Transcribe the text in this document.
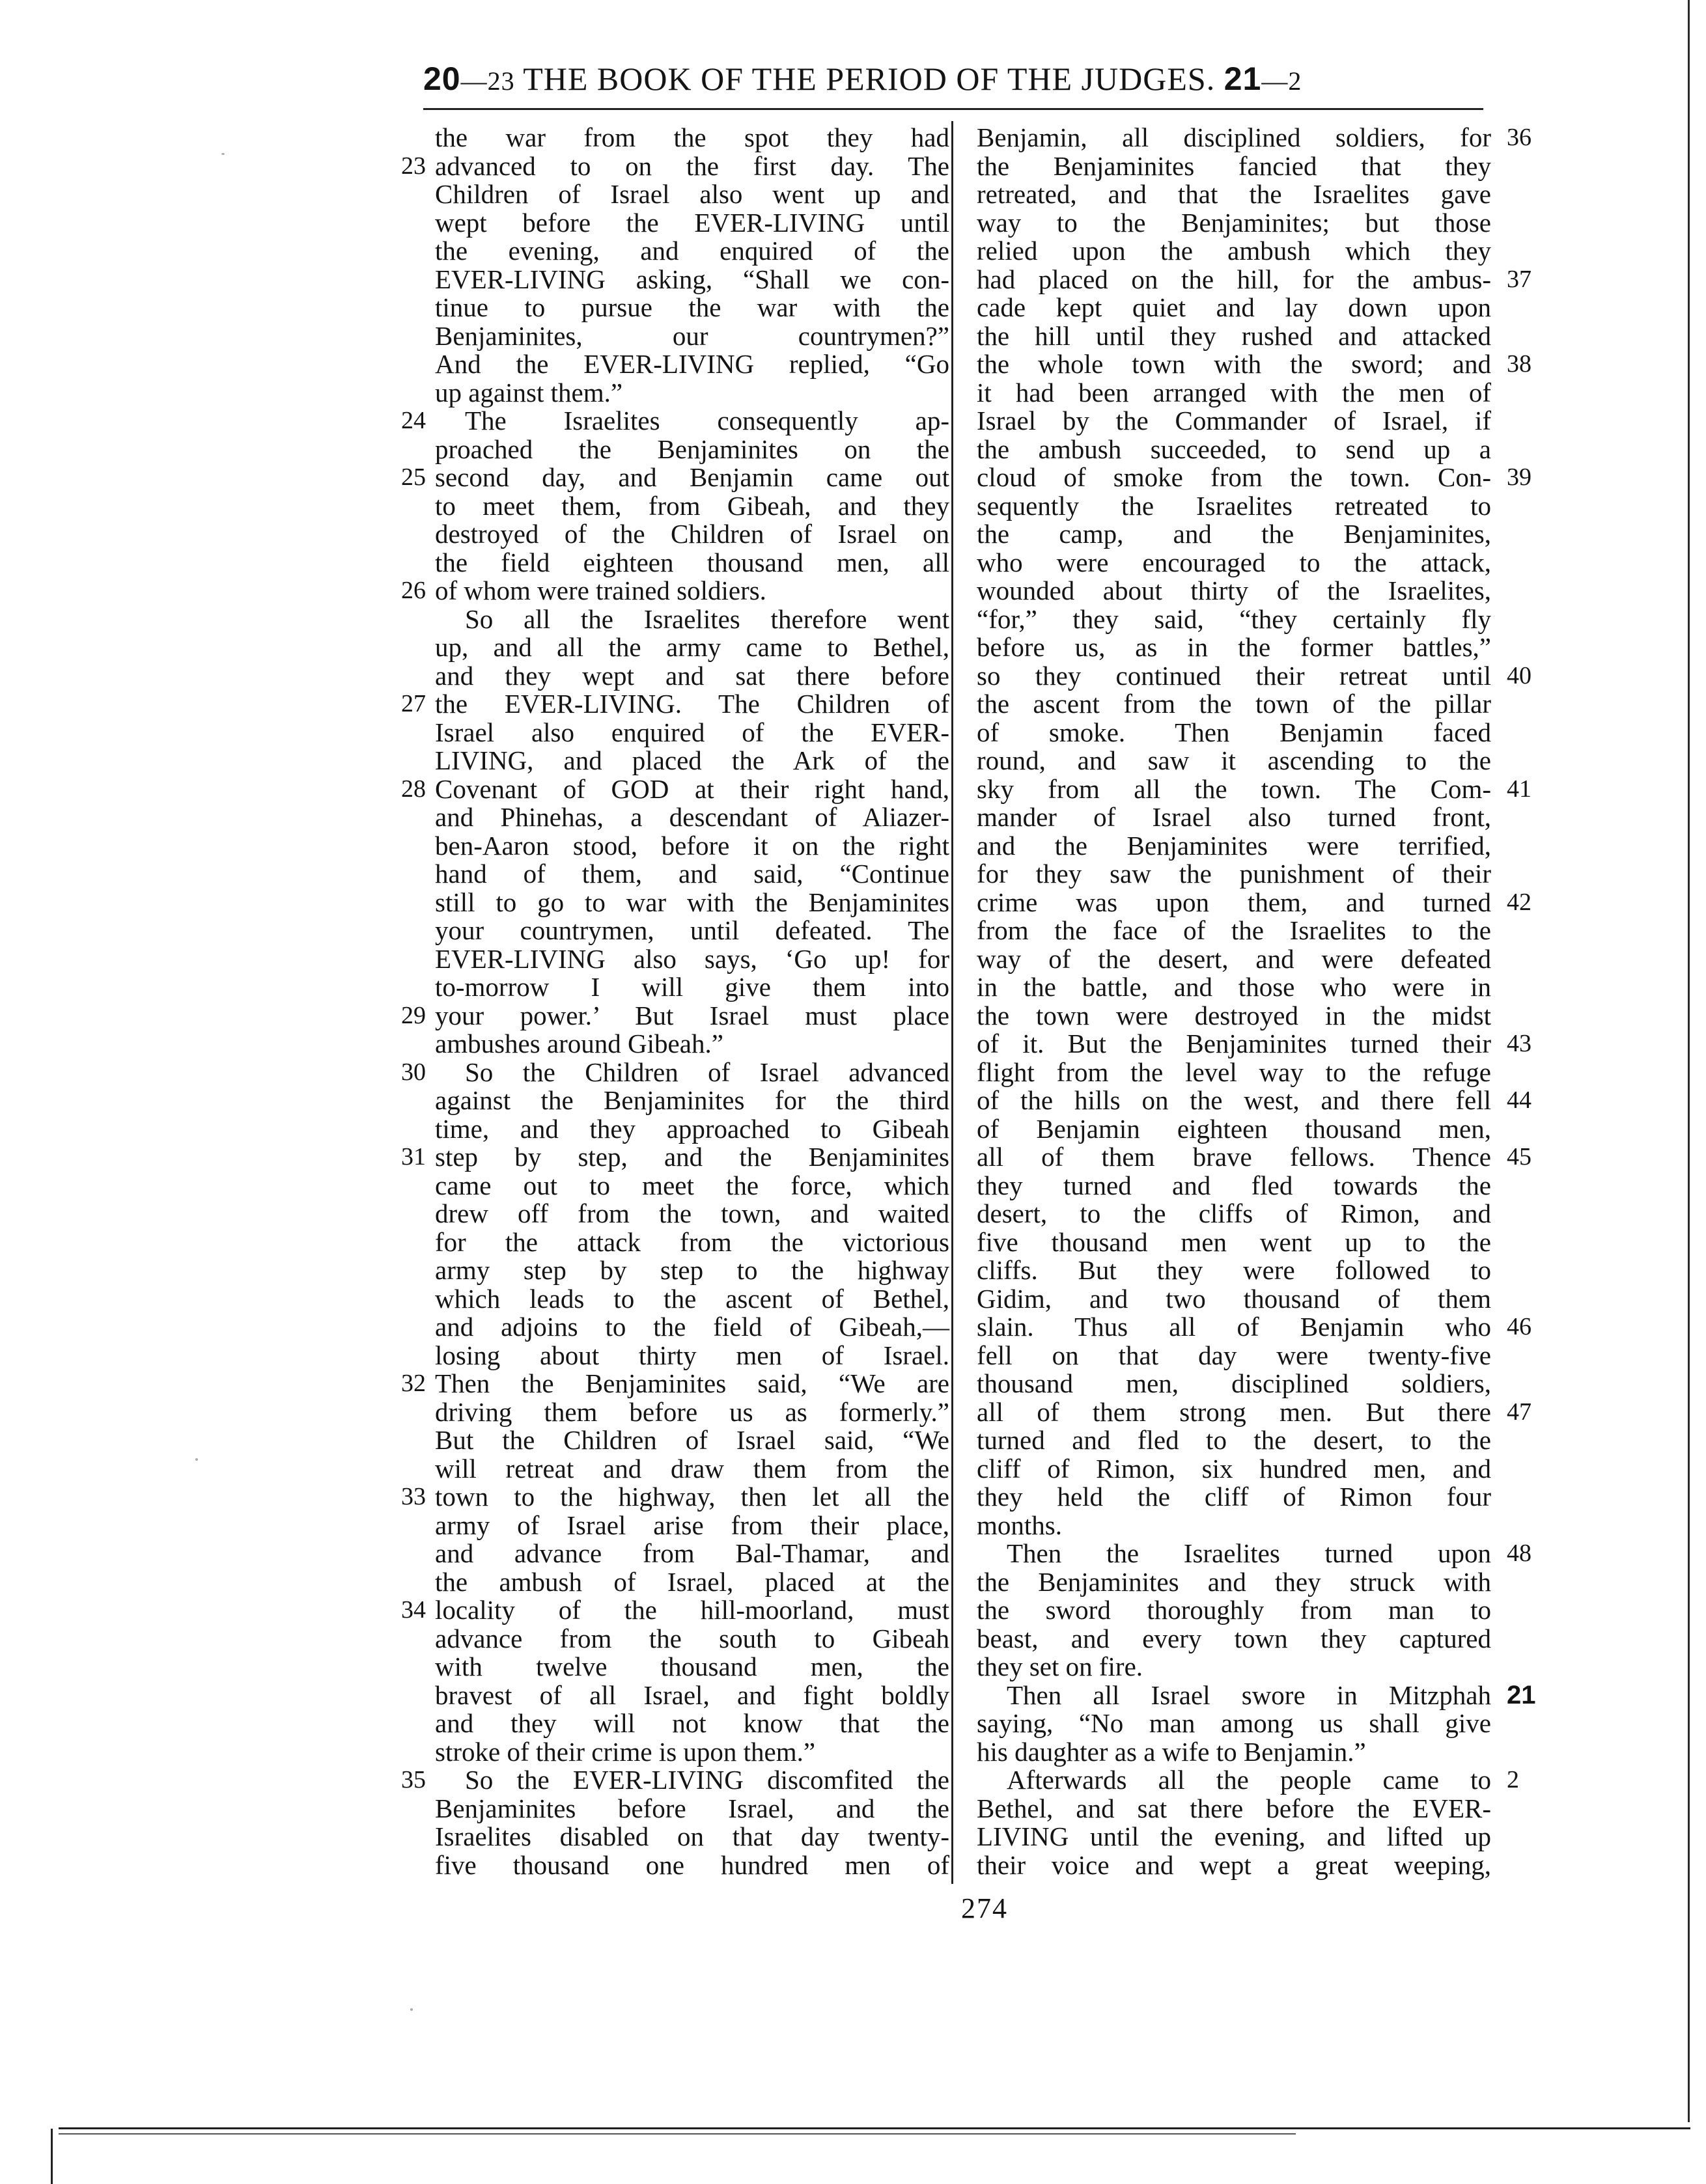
20—23 THE BOOK OF THE PERIOD OF THE JUDGES. 21—2
the war from the spot they had
advanced to on the first day. The
23
Children of Israel also went up and
wept before the EVER-LIVING until
the evening, and enquired of the
EVER-LIVING asking, “Shall we con-
tinue to pursue the war with the
Benjaminites, our countrymen?”
And the EVER-LIVING replied, “Go
up against them.”
The Israelites consequently ap-
24
proached the Benjaminites on the
second day, and Benjamin came out
25
to meet them, from Gibeah, and they
destroyed of the Children of Israel on
the field eighteen thousand men, all
of whom were trained soldiers.
26
So all the Israelites therefore went
up, and all the army came to Bethel,
and they wept and sat there before
the EVER-LIVING. The Children of
27
Israel also enquired of the EVER-
LIVING, and placed the Ark of the
Covenant of GOD at their right hand,
28
and Phinehas, a descendant of Aliazer-
ben-Aaron stood, before it on the right
hand of them, and said, “Continue
still to go to war with the Benjaminites
your countrymen, until defeated. The
EVER-LIVING also says, ‘Go up! for
to-morrow I will give them into
your power.’ But Israel must place
29
ambushes around Gibeah.”
So the Children of Israel advanced
30
against the Benjaminites for the third
time, and they approached to Gibeah
step by step, and the Benjaminites
31
came out to meet the force, which
drew off from the town, and waited
for the attack from the victorious
army step by step to the highway
which leads to the ascent of Bethel,
and adjoins to the field of Gibeah,—
losing about thirty men of Israel.
Then the Benjaminites said, “We are
32
driving them before us as formerly.”
But the Children of Israel said, “We
will retreat and draw them from the
town to the highway, then let all the
33
army of Israel arise from their place,
and advance from Bal-Thamar, and
the ambush of Israel, placed at the
locality of the hill-moorland, must
34
advance from the south to Gibeah
with twelve thousand men, the
bravest of all Israel, and fight boldly
and they will not know that the
stroke of their crime is upon them.”
So the EVER-LIVING discomfited the
35
Benjaminites before Israel, and the
Israelites disabled on that day twenty-
five thousand one hundred men of
Benjamin, all disciplined soldiers, for 36
the Benjaminites fancied that they
retreated, and that the Israelites gave
way to the Benjaminites; but those
relied upon the ambush which they
had placed on the hill, for the ambus- 37
cade kept quiet and lay down upon
the hill until they rushed and attacked
the whole town with the sword; and 38
it had been arranged with the men of
Israel by the Commander of Israel, if
the ambush succeeded, to send up a
cloud of smoke from the town. Con- 39
sequently the Israelites retreated to
the camp, and the Benjaminites,
who were encouraged to the attack,
wounded about thirty of the Israelites,
“for,” they said, “they certainly fly
before us, as in the former battles,”
so they continued their retreat until 40
the ascent from the town of the pillar
of smoke. Then Benjamin faced
round, and saw it ascending to the
sky from all the town. The Com- 41
mander of Israel also turned front,
and the Benjaminites were terrified,
for they saw the punishment of their
crime was upon them, and turned 42
from the face of the Israelites to the
way of the desert, and were defeated
in the battle, and those who were in
the town were destroyed in the midst
of it. But the Benjaminites turned their 43
flight from the level way to the refuge
of the hills on the west, and there fell 44
of Benjamin eighteen thousand men,
all of them brave fellows. Thence 45
they turned and fled towards the
desert, to the cliffs of Rimon, and
five thousand men went up to the
cliffs. But they were followed to
Gidim, and two thousand of them
slain. Thus all of Benjamin who 46
fell on that day were twenty-five
thousand men, disciplined soldiers,
all of them strong men. But there 47
turned and fled to the desert, to the
cliff of Rimon, six hundred men, and
they held the cliff of Rimon four
months.
Then the Israelites turned upon 48
the Benjaminites and they struck with
the sword thoroughly from man to
beast, and every town they captured
they set on fire.
Then all Israel swore in Mitzphah 21
saying, “No man among us shall give
his daughter as a wife to Benjamin.”
Afterwards all the people came to 2
Bethel, and sat there before the EVER-
LIVING until the evening, and lifted up
their voice and wept a great weeping,
274
